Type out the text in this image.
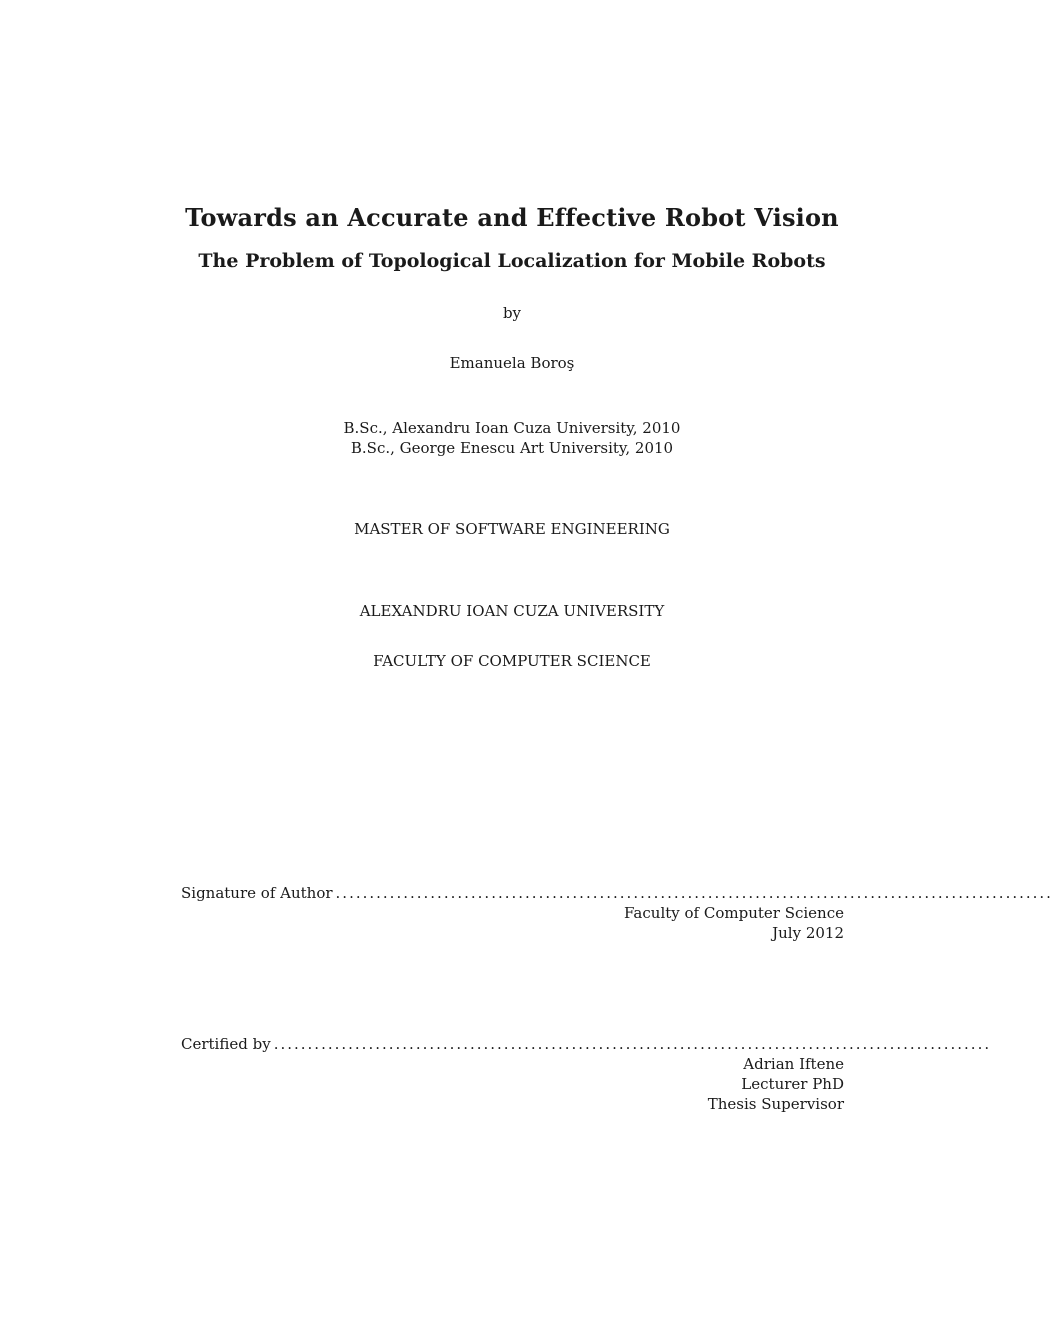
Towards an Accurate and Effective Robot Vision
The Problem of Topological Localization for Mobile Robots
by
Emanuela Boroş
B.Sc., Alexandru Ioan Cuza University, 2010
B.Sc., George Enescu Art University, 2010
MASTER OF SOFTWARE ENGINEERING
ALEXANDRU IOAN CUZA UNIVERSITY
FACULTY OF COMPUTER SCIENCE
Signature of Author ..........................................................................................................
Faculty of Computer Science
July 2012
Certified by ..........................................................................................................
Adrian Iftene
Lecturer PhD
Thesis Supervisor
